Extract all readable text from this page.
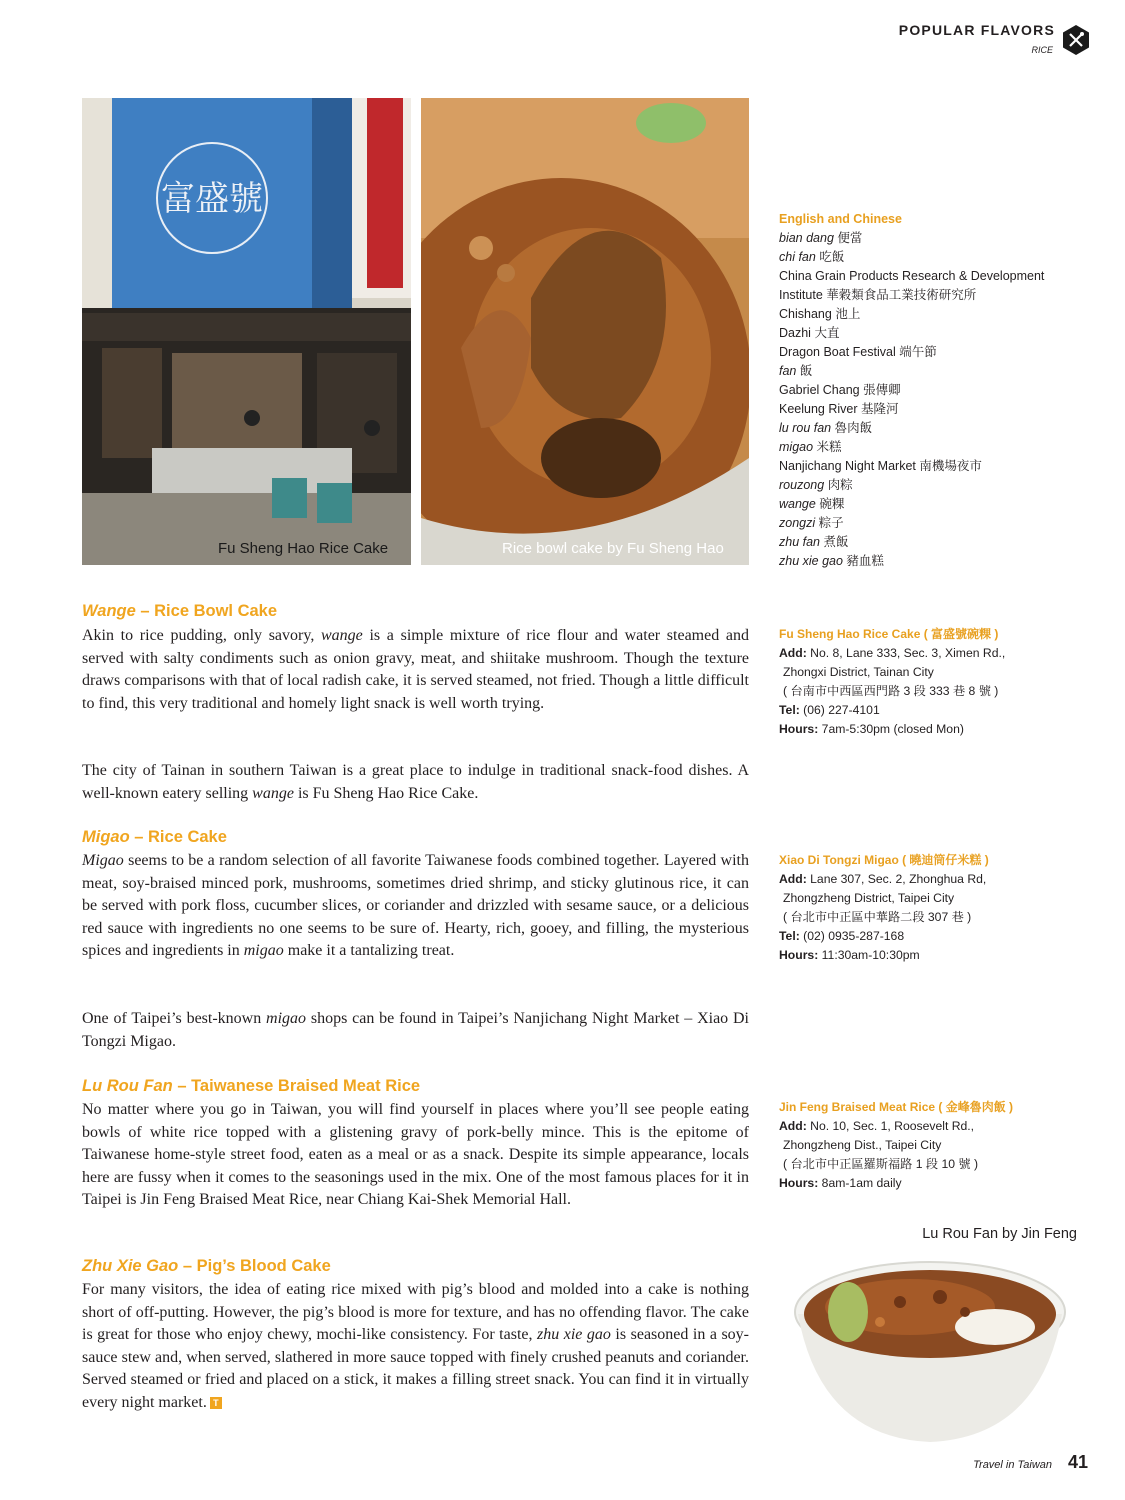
POPULAR FLAVORS
RICE
富盛號
Fu Sheng Hao Rice Cake	Rice bowl cake by Fu Sheng Hao
English and Chinese
bian dang 便當
chi fan 吃飯
China Grain Products Research & Development
Institute 華穀類食品工業技術研究所
Chishang 池上
Dazhi 大直
Dragon Boat Festival 端午節
fan 飯
Gabriel Chang 張傳卿
Keelung River 基隆河
lu rou fan 魯肉飯
migao 米糕
Nanjichang Night Market 南機場夜市
rouzong 肉粽
wange 碗粿
zongzi 粽子
zhu fan 煮飯
zhu xie gao 豬血糕
Wange – Rice Bowl Cake
Akin to rice pudding, only savory, wange is a simple mixture of rice flour and water steamed and served with salty condiments such as onion gravy, meat, and shiitake mushroom. Though the texture draws comparisons with that of local radish cake, it is served steamed, not fried. Though a little difficult to find, this very traditional and homely light snack is well worth trying.
The city of Tainan in southern Taiwan is a great place to indulge in traditional snack-food dishes. A well-known eatery selling wange is Fu Sheng Hao Rice Cake.
Migao – Rice Cake
Migao seems to be a random selection of all favorite Taiwanese foods combined together. Layered with meat, soy-braised minced pork, mushrooms, sometimes dried shrimp, and sticky glutinous rice, it can be served with pork floss, cucumber slices, or coriander and drizzled with sesame sauce, or a delicious red sauce with ingredients no one seems to be sure of. Hearty, rich, gooey, and filling, the mysterious spices and ingredients in migao make it a tantalizing treat.
One of Taipei’s best-known migao shops can be found in Taipei’s Nanjichang Night Market – Xiao Di Tongzi Migao.
Lu Rou Fan – Taiwanese Braised Meat Rice
No matter where you go in Taiwan, you will find yourself in places where you’ll see people eating bowls of white rice topped with a glistening gravy of pork-belly mince. This is the epitome of Taiwanese home-style street food, eaten as a meal or as a snack. Despite its simple appearance, locals here are fussy when it comes to the seasonings used in the mix. One of the most famous places for it in Taipei is Jin Feng Braised Meat Rice, near Chiang Kai-Shek Memorial Hall.
Zhu Xie Gao – Pig’s Blood Cake
For many visitors, the idea of eating rice mixed with pig’s blood and molded into a cake is nothing short of off-putting. However, the pig’s blood is more for texture, and has no offending flavor. The cake is great for those who enjoy chewy, mochi-like consistency. For taste, zhu xie gao is seasoned in a soy-sauce stew and, when served, slathered in more sauce topped with finely crushed peanuts and coriander. Served steamed or fried and placed on a stick, it makes a filling street snack. You can find it in virtually every night market. T
Fu Sheng Hao Rice Cake ( 富盛號碗粿 )
Add: No. 8, Lane 333, Sec. 3, Ximen Rd.,
Zhongxi District, Tainan City
( 台南市中西區西門路 3 段 333 巷 8 號 )
Tel: (06) 227-4101
Hours: 7am-5:30pm (closed Mon)
Xiao Di Tongzi Migao ( 曉迪筒仔米糕 )
Add: Lane 307, Sec. 2, Zhonghua Rd,
Zhongzheng District, Taipei City
( 台北市中正區中華路二段 307 巷 )
Tel: (02) 0935-287-168
Hours: 11:30am-10:30pm
Jin Feng Braised Meat Rice ( 金峰魯肉飯 )
Add: No. 10, Sec. 1, Roosevelt Rd.,
Zhongzheng Dist., Taipei City
( 台北市中正區羅斯福路 1 段 10 號 )
Hours: 8am-1am daily
Lu Rou Fan by Jin Feng
Travel in Taiwan 41
